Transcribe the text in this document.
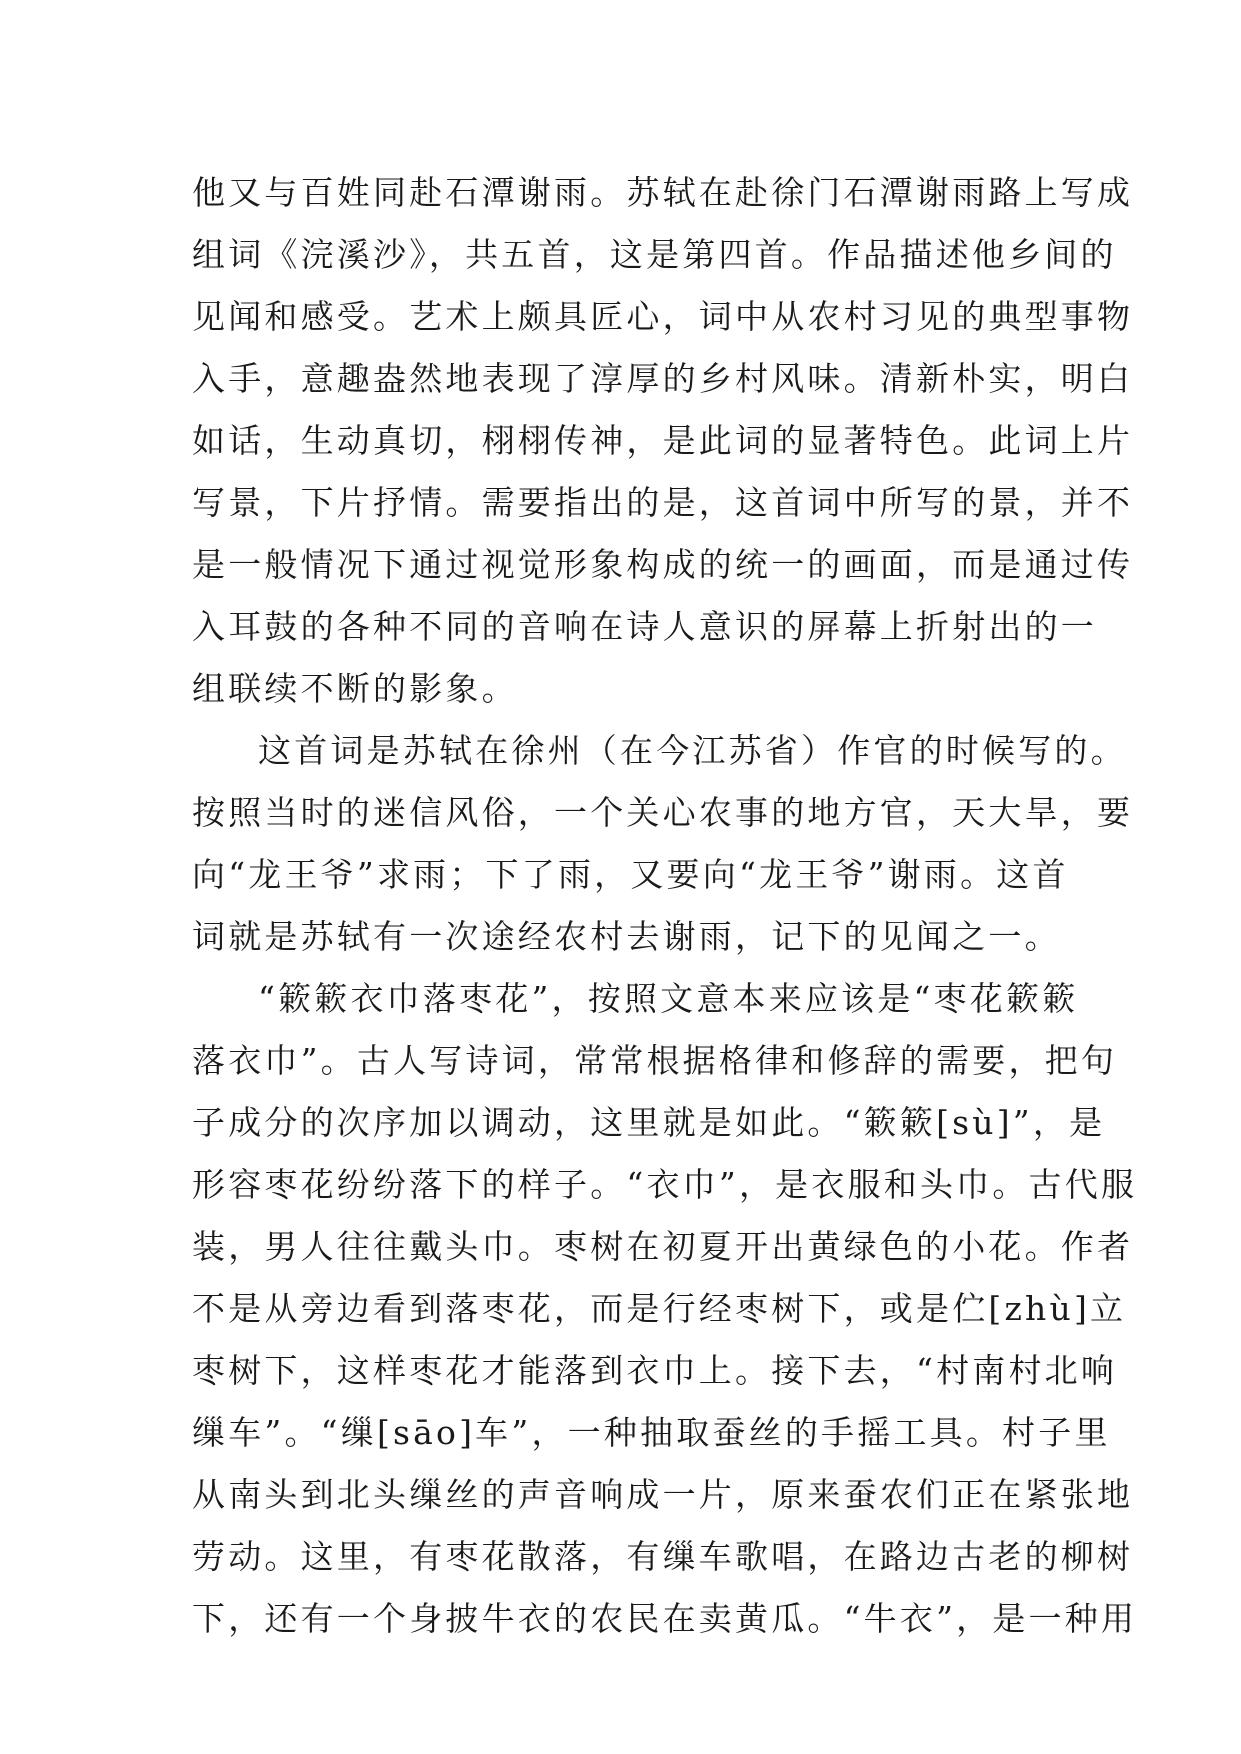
他又与百姓同赴石潭谢雨。苏轼在赴徐门石潭谢雨路上写成
组词《浣溪沙》，共五首，这是第四首。作品描述他乡间的
见闻和感受。艺术上颇具匠心，词中从农村习见的典型事物
入手，意趣盎然地表现了淳厚的乡村风味。清新朴实，明白
如话，生动真切，栩栩传神，是此词的显著特色。此词上片
写景，下片抒情。需要指出的是，这首词中所写的景，并不
是一般情况下通过视觉形象构成的统一的画面，而是通过传
入耳鼓的各种不同的音响在诗人意识的屏幕上折射出的一
组联续不断的影象。
这首词是苏轼在徐州（在今江苏省）作官的时候写的。
按照当时的迷信风俗，一个关心农事的地方官，天大旱，要
向“龙王爷”求雨；下了雨，又要向“龙王爷”谢雨。这首
词就是苏轼有一次途经农村去谢雨，记下的见闻之一。
“簌簌衣巾落枣花”，按照文意本来应该是“枣花簌簌
落衣巾”。古人写诗词，常常根据格律和修辞的需要，把句
子成分的次序加以调动，这里就是如此。“簌簌[sù]”，是
形容枣花纷纷落下的样子。“衣巾”，是衣服和头巾。古代服
装，男人往往戴头巾。枣树在初夏开出黄绿色的小花。作者
不是从旁边看到落枣花，而是行经枣树下，或是伫[zhù]立
枣树下，这样枣花才能落到衣巾上。接下去，“村南村北响
缫车”。“缫[sāo]车”，一种抽取蚕丝的手摇工具。村子里
从南头到北头缫丝的声音响成一片，原来蚕农们正在紧张地
劳动。这里，有枣花散落，有缫车歌唱，在路边古老的柳树
下，还有一个身披牛衣的农民在卖黄瓜。“牛衣”，是一种用
